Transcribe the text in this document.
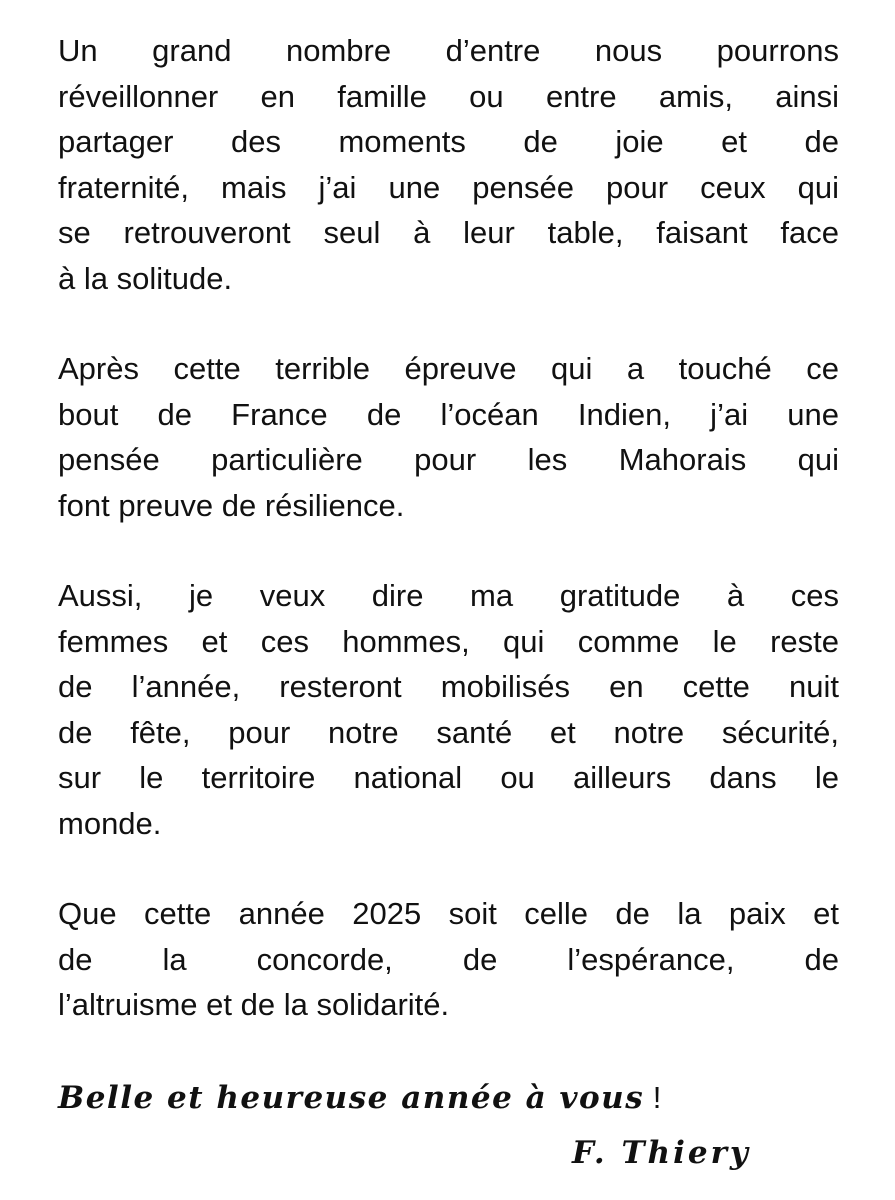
Un grand nombre d’entre nous pourrons
réveillonner en famille ou entre amis, ainsi
partager des moments de joie et de
fraternité, mais j’ai une pensée pour ceux qui
se retrouveront seul à leur table, faisant face
à la solitude.

Après cette terrible épreuve qui a touché ce
bout de France de l’océan Indien, j’ai une
pensée particulière pour les Mahorais qui
font preuve de résilience.

Aussi, je veux dire ma gratitude à ces
femmes et ces hommes, qui comme le reste
de l’année, resteront mobilisés en cette nuit
de fête, pour notre santé et notre sécurité,
sur le territoire national ou ailleurs dans le
monde.

Que cette année 2025 soit celle de la paix et
de la concorde, de l’espérance, de
l’altruisme et de la solidarité.

Belle et heureuse année à vous !
F. Thiery
